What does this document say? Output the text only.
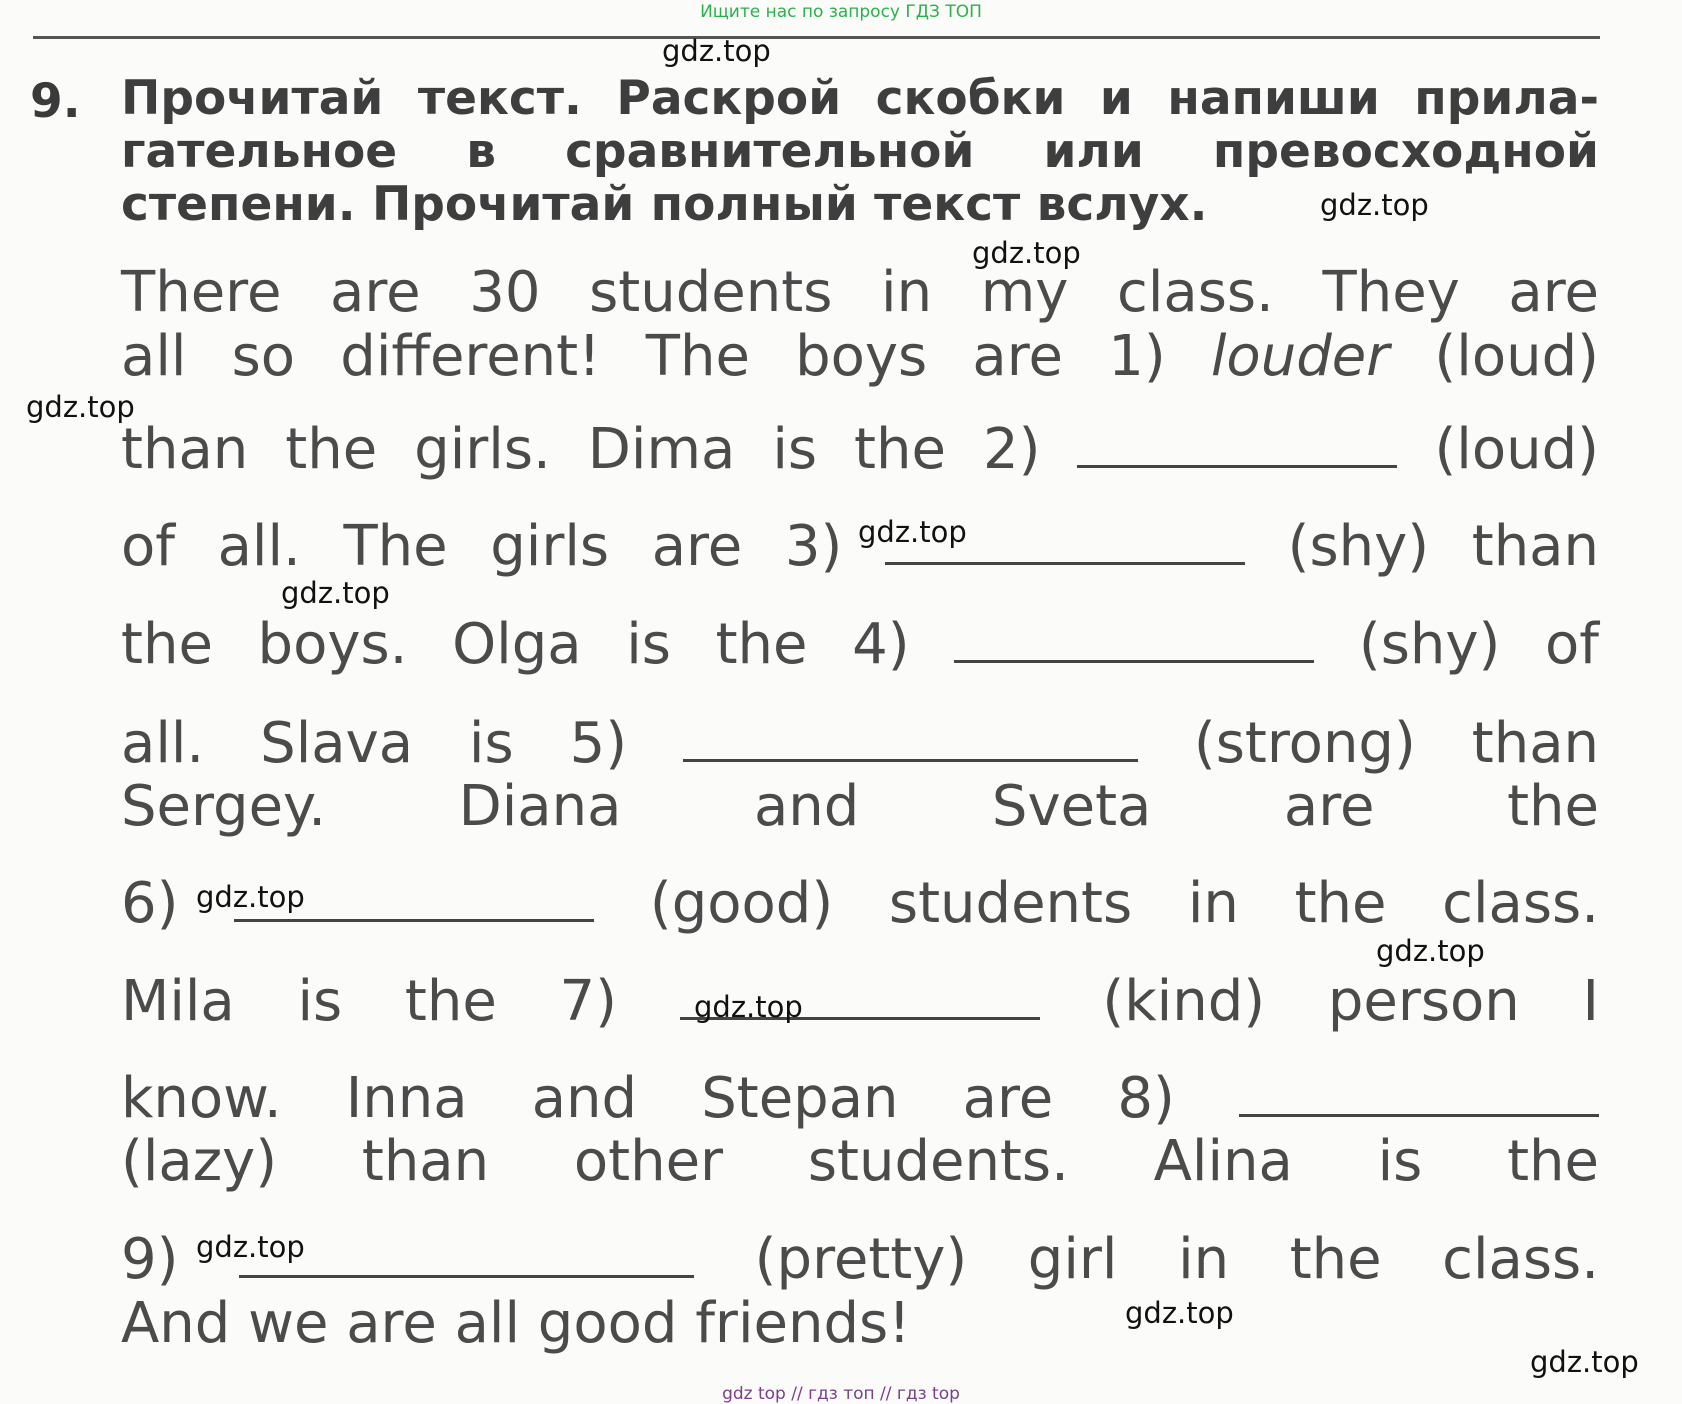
Ищите нас по запросу ГДЗ ТОП
9. Прочитай текст. Раскрой скобки и напиши прила-
гательное в сравнительной или превосходной
степени. Прочитай полный текст вслух.
There are 30 students in my class. They are
all so different! The boys are 1) louder (loud)
than the girls. Dima is the 2)	(loud)
of all. The girls are 3)	(shy) than
the boys. Olga is the 4)	(shy) of
all. Slava is 5)	(strong) than
Sergey. Diana and Sveta are the
6)	(good) students in the class.
Mila is the 7)	(kind) person I
know. Inna and Stepan are 8)
(lazy) than other students. Alina is the
9)	(pretty) girl in the class.
And we are all good friends!
gdz.top
gdz.top
gdz.top
gdz.top
gdz.top
gdz.top
gdz.top
gdz.top
gdz.top
gdz.top
gdz.top
gdz.top
gdz top // гдз топ // гдз top
